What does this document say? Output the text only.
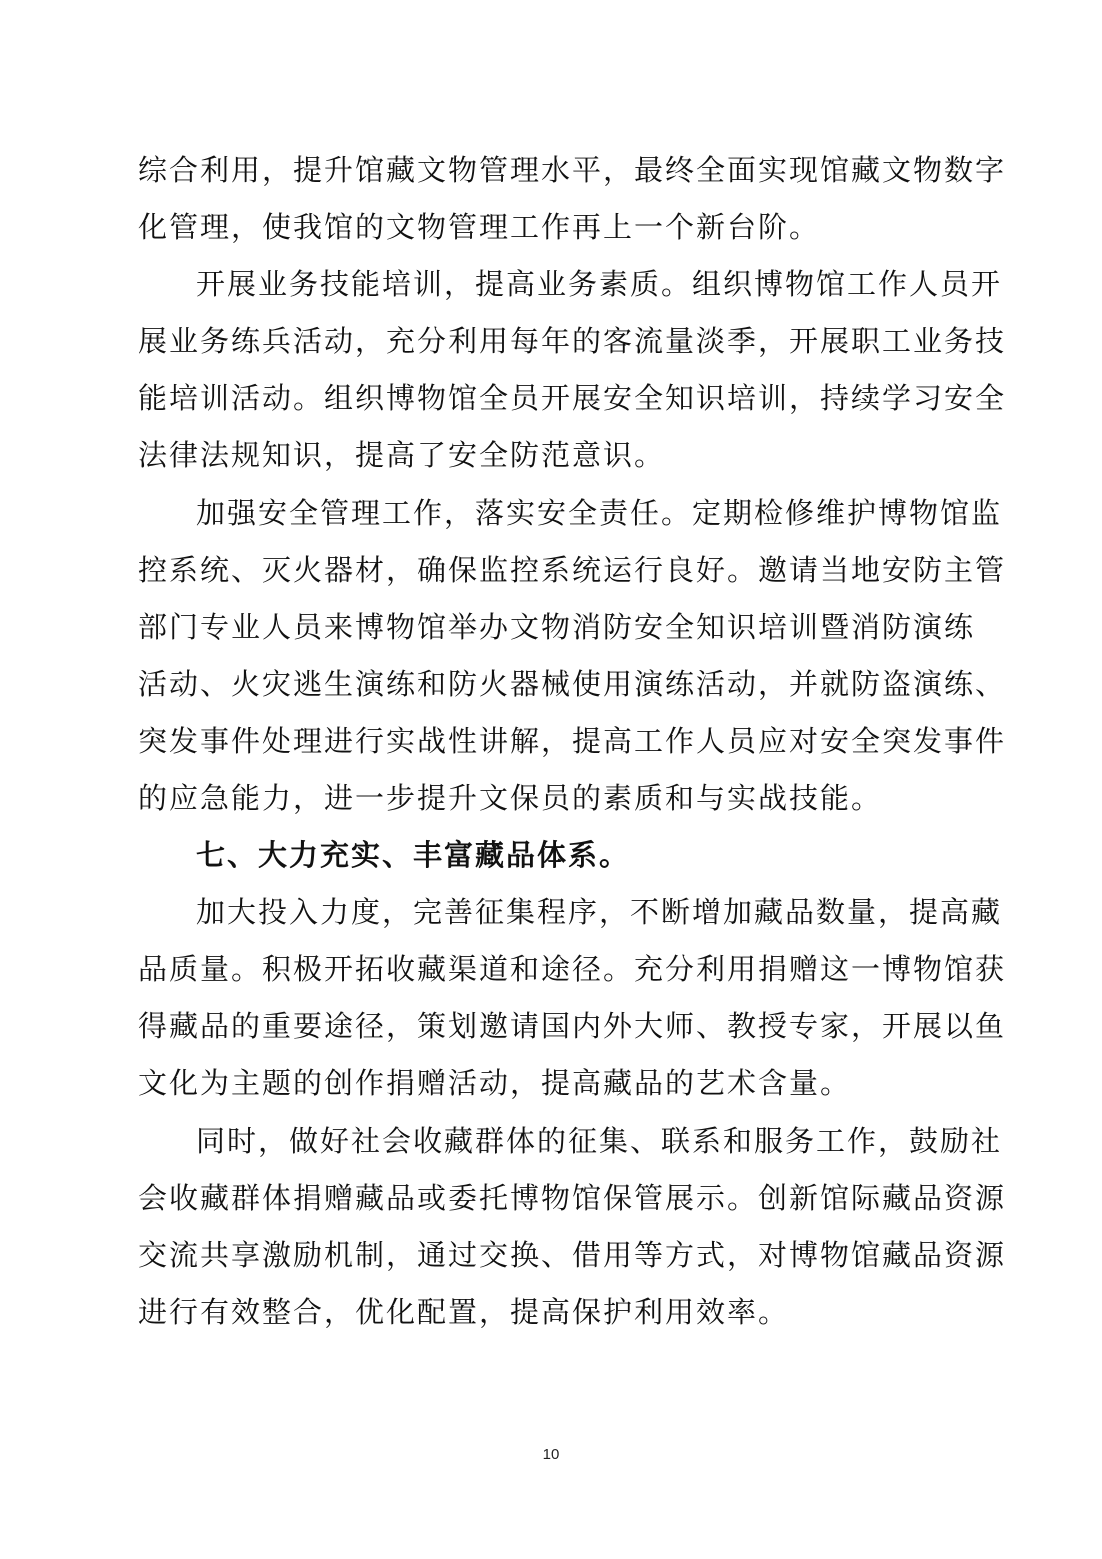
综合利用，提升馆藏文物管理水平，最终全面实现馆藏文物数字
化管理，使我馆的文物管理工作再上一个新台阶。
开展业务技能培训，提高业务素质。组织博物馆工作人员开
展业务练兵活动，充分利用每年的客流量淡季，开展职工业务技
能培训活动。组织博物馆全员开展安全知识培训，持续学习安全
法律法规知识，提高了安全防范意识。
加强安全管理工作，落实安全责任。定期检修维护博物馆监
控系统、灭火器材，确保监控系统运行良好。邀请当地安防主管
部门专业人员来博物馆举办文物消防安全知识培训暨消防演练
活动、火灾逃生演练和防火器械使用演练活动，并就防盗演练、
突发事件处理进行实战性讲解，提高工作人员应对安全突发事件
的应急能力，进一步提升文保员的素质和与实战技能。
七、大力充实、丰富藏品体系。
加大投入力度，完善征集程序，不断增加藏品数量，提高藏
品质量。积极开拓收藏渠道和途径。充分利用捐赠这一博物馆获
得藏品的重要途径，策划邀请国内外大师、教授专家，开展以鱼
文化为主题的创作捐赠活动，提高藏品的艺术含量。
同时，做好社会收藏群体的征集、联系和服务工作，鼓励社
会收藏群体捐赠藏品或委托博物馆保管展示。创新馆际藏品资源
交流共享激励机制，通过交换、借用等方式，对博物馆藏品资源
进行有效整合，优化配置，提高保护利用效率。
10
